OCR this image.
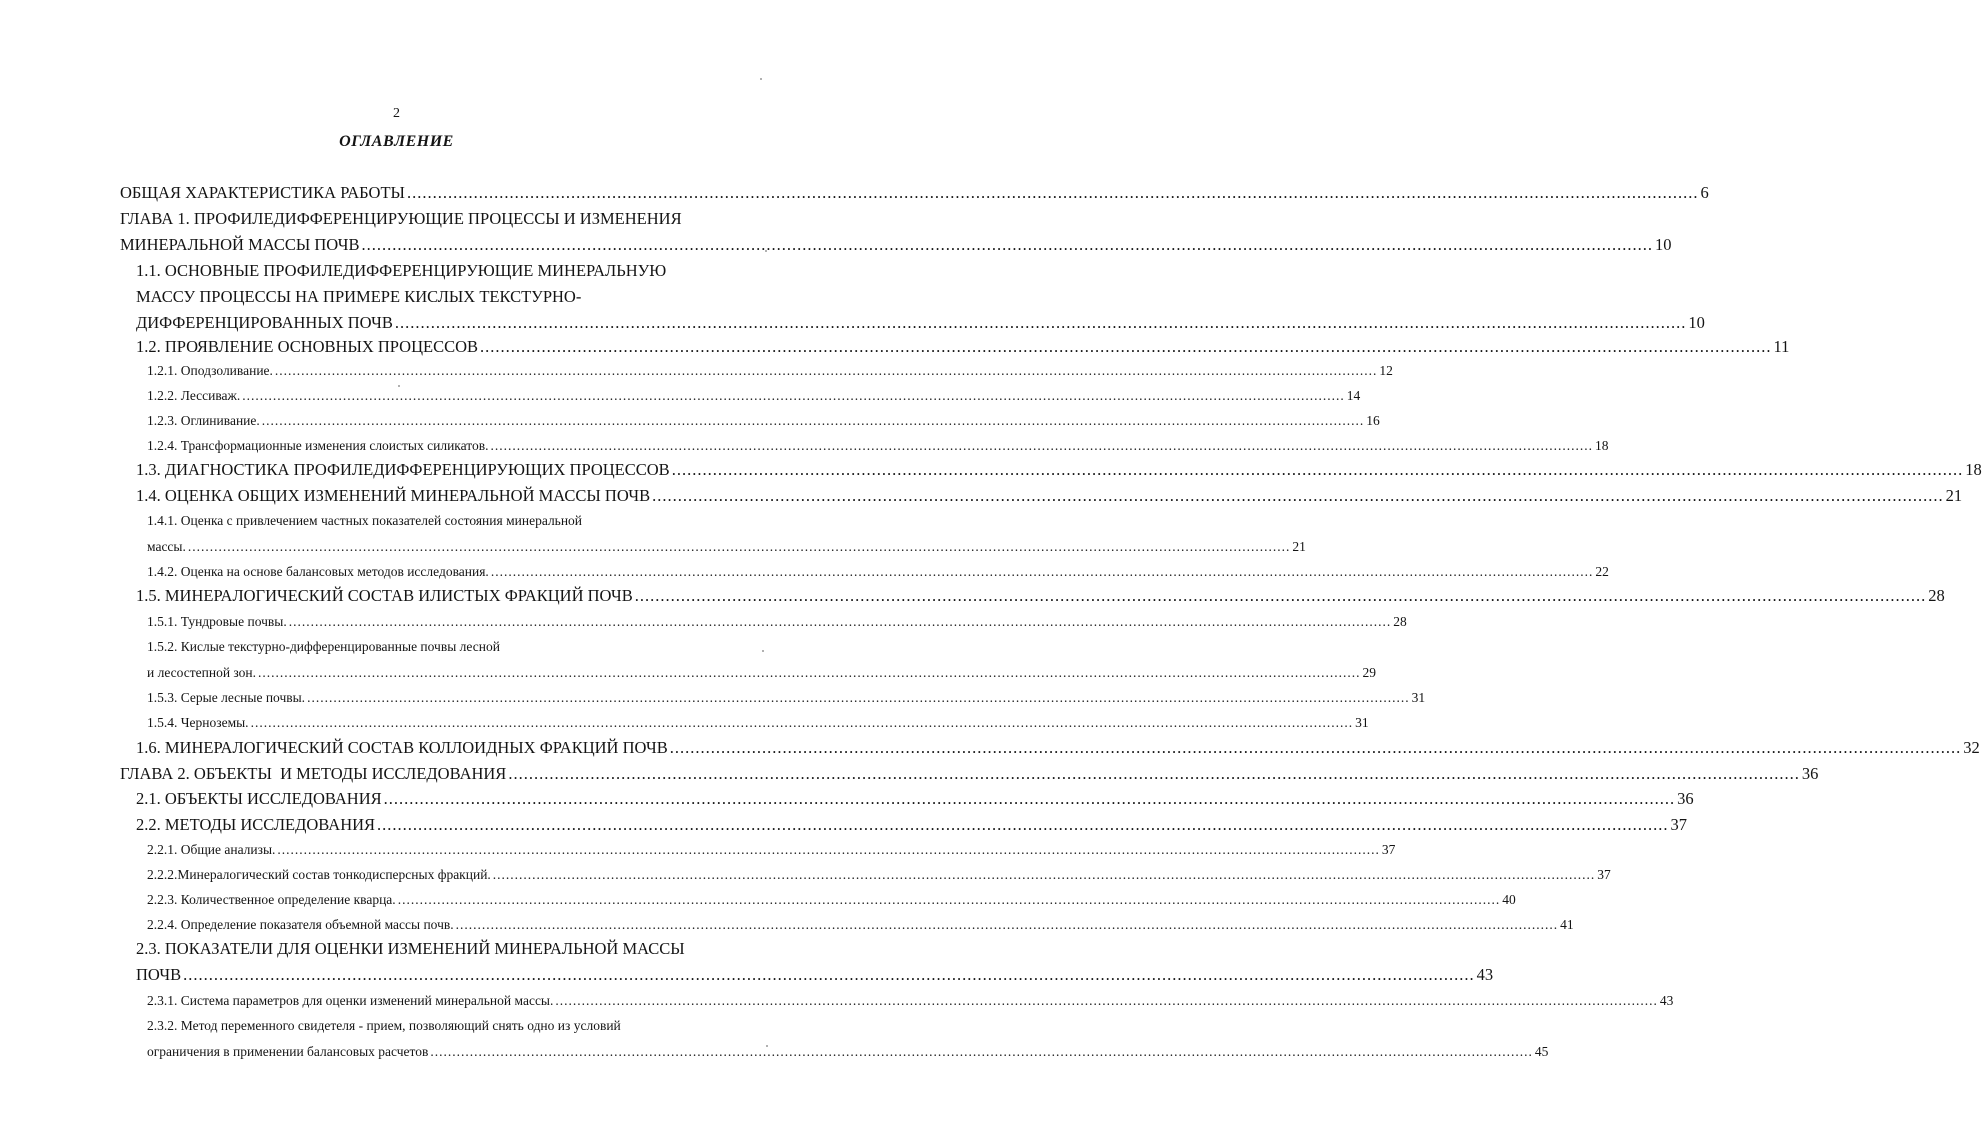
2
ОГЛАВЛЕНИЕ
ОБЩАЯ ХАРАКТЕРИСТИКА РАБОТЫ .....	6
ГЛАВА 1. ПРОФИЛЕДИФФЕРЕНЦИРУЮЩИЕ ПРОЦЕССЫ И ИЗМЕНЕНИЯ
МИНЕРАЛЬНОЙ МАССЫ ПОЧВ .....	10
1.1. ОСНОВНЫЕ ПРОФИЛЕДИФФЕРЕНЦИРУЮЩИЕ МИНЕРАЛЬНУЮ
МАССУ ПРОЦЕССЫ НА ПРИМЕРЕ КИСЛЫХ ТЕКСТУРНО-
ДИФФЕРЕНЦИРОВАННЫХ ПОЧВ .....	10
1.2. ПРОЯВЛЕНИЕ ОСНОВНЫХ ПРОЦЕССОВ .....	11
1.2.1. Оподзоливание. .....	12
1.2.2. Лессиваж. .....	14
1.2.3. Оглинивание. .....	16
1.2.4. Трансформационные изменения слоистых силикатов. .....	18
1.3. ДИАГНОСТИКА ПРОФИЛЕДИФФЕРЕНЦИРУЮЩИХ ПРОЦЕССОВ .....	18
1.4. ОЦЕНКА ОБЩИХ ИЗМЕНЕНИЙ МИНЕРАЛЬНОЙ МАССЫ ПОЧВ .....	21
1.4.1. Оценка с привлечением частных показателей состояния минеральной
массы. .....	21
1.4.2. Оценка на основе балансовых методов исследования. .....	22
1.5. МИНЕРАЛОГИЧЕСКИЙ СОСТАВ ИЛИСТЫХ ФРАКЦИЙ ПОЧВ .....	28
1.5.1. Тундровые почвы. .....	28
1.5.2. Кислые текстурно-дифференцированные почвы лесной
и лесостепной зон. .....	29
1.5.3. Серые лесные почвы. .....	31
1.5.4. Черноземы. .....	31
1.6. МИНЕРАЛОГИЧЕСКИЙ СОСТАВ КОЛЛОИДНЫХ ФРАКЦИЙ ПОЧВ .....	32
ГЛАВА 2. ОБЪЕКТЫ  И МЕТОДЫ ИССЛЕДОВАНИЯ .....	36
2.1. ОБЪЕКТЫ ИССЛЕДОВАНИЯ .....	36
2.2. МЕТОДЫ ИССЛЕДОВАНИЯ .....	37
2.2.1. Общие анализы. .....	37
2.2.2.Минералогический состав тонкодисперсных фракций. .....	37
2.2.3. Количественное определение кварца. .....	40
2.2.4. Определение показателя объемной массы почв. .....	41
2.3. ПОКАЗАТЕЛИ ДЛЯ ОЦЕНКИ ИЗМЕНЕНИЙ МИНЕРАЛЬНОЙ МАССЫ
ПОЧВ .....	43
2.3.1. Система параметров для оценки изменений минеральной массы. .....	43
2.3.2. Метод переменного свидетеля - прием, позволяющий снять одно из условий
ограничения в применении балансовых расчетов .....	45
